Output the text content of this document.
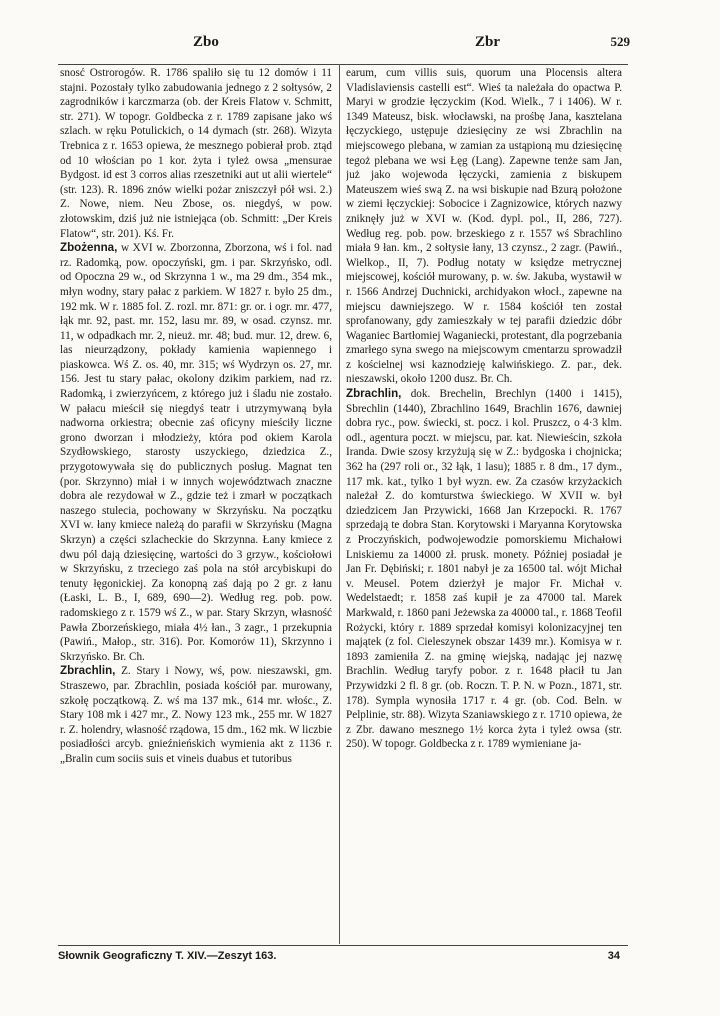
Zbo	Zbr	529

snosć Ostrorogów. R. 1786 spaliło się tu 12 domów i 11 stajni. Pozostały tylko zabudowania jednego z 2 sołtysów, 2 zagrodników i karczmarza (ob. der Kreis Flatow v. Schmitt, str. 271). W topogr. Goldbecka z r. 1789 zapisane jako wś szlach. w ręku Potulickich, o 14 dymach (str. 268). Wizyta Trebnica z r. 1653 opiewa, że mesznego pobierał prob. ztąd od 10 włościan po 1 kor. żyta i tyleż owsa „mensurae Bydgost. id est 3 corros alias rzeszetniki aut ut alii wiertele“ (str. 123). R. 1896 znów wielki pożar zniszczył pół wsi. 2.) Z. Nowe, niem. Neu Zbose, os. niegdyś, w pow. złotowskim, dziś już nie istniejąca (ob. Schmitt: „Der Kreis Flatow“, str. 201). Kś. Fr.

Zbożenna, w XVI w. Zborzonna, Zborzona, wś i fol. nad rz. Radomką, pow. opoczyński, gm. i par. Skrzyńsko, odl. od Opoczna 29 w., od Skrzynna 1 w., ma 29 dm., 354 mk., młyn wodny, stary pałac z parkiem. W 1827 r. było 25 dm., 192 mk. W r. 1885 fol. Z. rozl. mr. 871: gr. or. i ogr. mr. 477, łąk mr. 92, past. mr. 152, lasu mr. 89, w osad. czynsz. mr. 11, w odpadkach mr. 2, nieuż. mr. 48; bud. mur. 12, drew. 6, las nieurządzony, pokłady kamienia wapiennego i piaskowca. Wś Z. os. 40, mr. 315; wś Wydrzyn os. 27, mr. 156. Jest tu stary pałac, okolony dzikim parkiem, nad rz. Radomką, i zwierzyńcem, z którego już i śladu nie zostało. W pałacu mieścił się niegdyś teatr i utrzymywaną była nadworna orkiestra; obecnie zaś oficyny mieściły liczne grono dworzan i młodzieży, która pod okiem Karola Szydłowskiego, starosty uszyckiego, dziedzica Z., przygotowywała się do publicznych posług. Magnat ten (por. Skrzynno) miał i w innych województwach znaczne dobra ale rezydował w Z., gdzie też i zmarł w początkach naszego stulecia, pochowany w Skrzyńsku. Na początku XVI w. łany kmiece należą do parafii w Skrzyńsku (Magna Skrzyn) a części szlacheckie do Skrzynna. Łany kmiece z dwu pól dają dziesięcinę, wartości do 3 grzyw., kościołowi w Skrzyńsku, z trzeciego zaś pola na stół arcybiskupi do tenuty łęgonickiej. Za konopną zaś dają po 2 gr. z łanu (Łaski, L. B., I, 689, 690—2). Według reg. pob. pow. radomskiego z r. 1579 wś Z., w par. Stary Skrzyn, własność Pawła Zborzeńskiego, miała 4½ łan., 3 zagr., 1 przekupnia (Pawiń., Małop., str. 316). Por. Komorów 11), Skrzynno i Skrzyńsko. Br. Ch.

Zbrachlin, Z. Stary i Nowy, wś, pow. nieszawski, gm. Straszewo, par. Zbrachlin, posiada kościół par. murowany, szkołę początkową. Z. wś ma 137 mk., 614 mr. włośc., Z. Stary 108 mk i 427 mr., Z. Nowy 123 mk., 255 mr. W 1827 r. Z. holendry, własność rządowa, 15 dm., 162 mk. W liczbie posiadłości arcyb. gnieźnieńskich wymienia akt z 1136 r. „Bralin cum sociis suis et vineis duabus et tutoribus

earum, cum villis suis, quorum una Plocensis altera Vladislaviensis castelli est“. Wieś ta należała do opactwa P. Maryi w grodzie łęczyckim (Kod. Wielk., 7 i 1406). W r. 1349 Mateusz, bisk. włocławski, na prośbę Jana, kasztelana łęczyckiego, ustępuje dziesięciny ze wsi Zbrachlin na miejscowego plebana, w zamian za ustąpioną mu dziesięcinę tegoż plebana we wsi Łęg (Lang). Zapewne tenże sam Jan, już jako wojewoda łęczycki, zamienia z biskupem Mateuszem wieś swą Z. na wsi biskupie nad Bzurą położone w ziemi łęczyckiej: Sobocice i Zagnizowice, których nazwy zniknęły już w XVI w. (Kod. dypl. pol., II, 286, 727). Według reg. pob. pow. brzeskiego z r. 1557 wś Sbrachlino miała 9 łan. km., 2 sołtysie łany, 13 czynsz., 2 zagr. (Pawiń., Wielkop., II, 7). Podług notaty w księdze metrycznej miejscowej, kościół murowany, p. w. św. Jakuba, wystawił w r. 1566 Andrzej Duchnicki, archidyakon włocł., zapewne na miejscu dawniejszego. W r. 1584 kościół ten został sprofanowany, gdy zamieszkały w tej parafii dziedzic dóbr Waganiec Bartłomiej Waganiecki, protestant, dla pogrzebania zmarłego syna swego na miejscowym cmentarzu sprowadził z kościelnej wsi kaznodzieję kalwińskiego. Z. par., dek. nieszawski, około 1200 dusz. Br. Ch.

Zbrachlin, dok. Brechelin, Brechlyn (1400 i 1415), Sbrechlin (1440), Zbrachlino 1649, Brachlin 1676, dawniej dobra ryc., pow. świecki, st. pocz. i kol. Pruszcz, o 4·3 klm. odl., agentura poczt. w miejscu, par. kat. Niewieścin, szkoła Iranda. Dwie szosy krzyżują się w Z.: bydgoska i chojnicka; 362 ha (297 roli or., 32 łąk, 1 lasu); 1885 r. 8 dm., 17 dym., 117 mk. kat., tylko 1 był wyzn. ew. Za czasów krzyżackich należał Z. do komturstwa świeckiego. W XVII w. był dziedzicem Jan Przywicki, 1668 Jan Krzepocki. R. 1767 sprzedają te dobra Stan. Korytowski i Maryanna Korytowska z Proczyńskich, podwojewodzie pomorskiemu Michałowi Lniskiemu za 14000 zł. prusk. monety. Później posiadał je Jan Fr. Dębiński; r. 1801 nabył je za 16500 tal. wójt Michał v. Meusel. Potem dzierżył je major Fr. Michał v. Wedelstaedt; r. 1858 zaś kupił je za 47000 tal. Marek Markwald, r. 1860 pani Jeżewska za 40000 tal., r. 1868 Teofil Rożycki, który r. 1889 sprzedał komisyi kolonizacyjnej ten majątek (z fol. Cieleszynek obszar 1439 mr.). Komisya w r. 1893 zamieniła Z. na gminę wiejską, nadając jej nazwę Brachlin. Według taryfy pobor. z r. 1648 płacił tu Jan Przywidzki 2 fl. 8 gr. (ob. Roczn. T. P. N. w Pozn., 1871, str. 178). Sympla wynosiła 1717 r. 4 gr. (ob. Cod. Beln. w Pelplinie, str. 88). Wizyta Szaniawskiego z r. 1710 opiewa, że z Zbr. dawano mesznego 1½ korca żyta i tyleż owsa (str. 250). W topogr. Goldbecka z r. 1789 wymieniane ja-

Słownik Geograficzny T. XIV.—Zeszyt 163.	34
